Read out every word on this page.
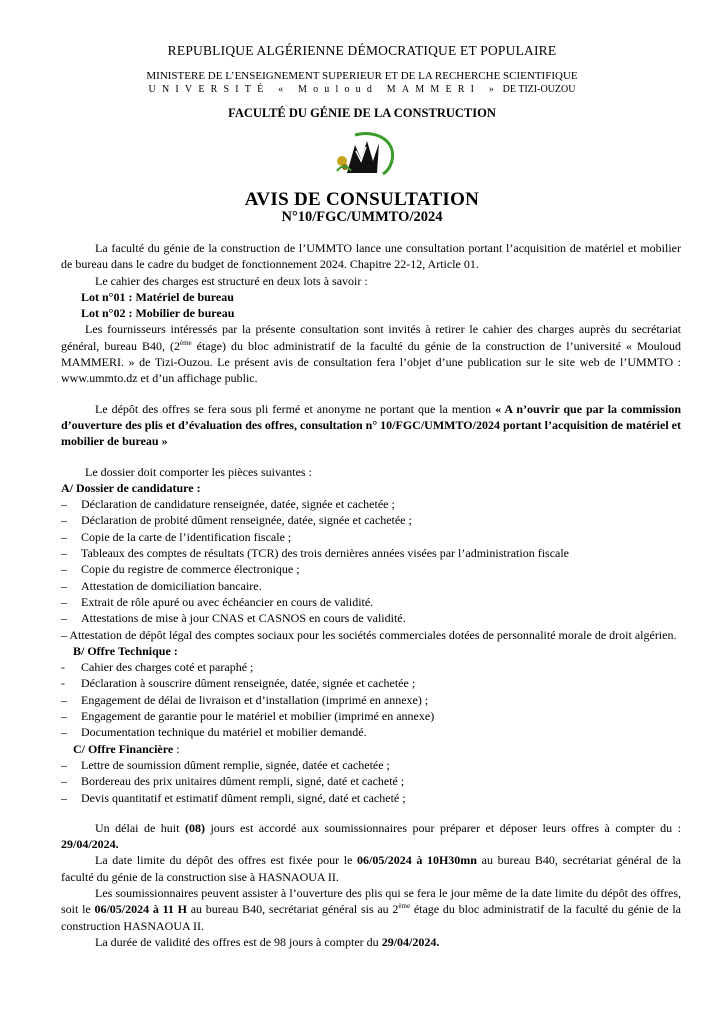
REPUBLIQUE ALGÉRIENNE DÉMOCRATIQUE ET POPULAIRE
MINISTERE DE L’ENSEIGNEMENT SUPERIEUR ET DE LA RECHERCHE SCIENTIFIQUE
UNIVERSITÉ « Mouloud MAMMERI » DE TIZI-OUZOU
FACULTÉ DU GÉNIE DE LA CONSTRUCTION
AVIS DE CONSULTATION
N°10/FGC/UMMTO/2024

La faculté du génie de la construction de l’UMMTO lance une consultation portant l’acquisition de matériel et mobilier de bureau dans le cadre du budget de fonctionnement 2024. Chapitre 22-12, Article 01.

Le cahier des charges est structuré en deux lots à savoir :

Lot n°01 : Matériel de bureau

Lot n°02 : Mobilier de bureau

Les fournisseurs intéressés par la présente consultation sont invités à retirer le cahier des charges auprès du secrétariat général, bureau B40, (2ème étage) du bloc administratif de la faculté du génie de la construction de l’université « Mouloud MAMMERI. » de Tizi-Ouzou. Le présent avis de consultation fera l’objet d’une publication sur le site web de l’UMMTO : www.ummto.dz et d’un affichage public.

Le dépôt des offres se fera sous pli fermé et anonyme ne portant que la mention « A n’ouvrir que par la commission d’ouverture des plis et d’évaluation des offres, consultation n° 10/FGC/UMMTO/2024 portant l’acquisition de matériel et mobilier de bureau »

Le dossier doit comporter les pièces suivantes :

A/ Dossier de candidature :

– Déclaration de candidature renseignée, datée, signée et cachetée ;
– Déclaration de probité dûment renseignée, datée, signée et cachetée ;
– Copie de la carte de l’identification fiscale ;
– Tableaux des comptes de résultats (TCR) des trois dernières années visées par l’administration fiscale
– Copie du registre de commerce électronique ;
– Attestation de domiciliation bancaire.
– Extrait de rôle apuré ou avec échéancier en cours de validité.
– Attestations de mise à jour CNAS et CASNOS en cours de validité.

– Attestation de dépôt légal des comptes sociaux pour les sociétés commerciales dotées de personnalité morale de droit algérien.

B/ Offre Technique :

- Cahier des charges coté et paraphé ;
- Déclaration à souscrire dûment renseignée, datée, signée et cachetée ;
– Engagement de délai de livraison et d’installation (imprimé en annexe) ;
– Engagement de garantie pour le matériel et mobilier (imprimé en annexe)
– Documentation technique du matériel et mobilier demandé.

C/ Offre Financière :

– Lettre de soumission dûment remplie, signée, datée et cachetée ;
– Bordereau des prix unitaires dûment rempli, signé, daté et cacheté ;
– Devis quantitatif et estimatif dûment rempli, signé, daté et cacheté ;

Un délai de huit (08) jours est accordé aux soumissionnaires pour préparer et déposer leurs offres à compter du : 29/04/2024.

La date limite du dépôt des offres est fixée pour le 06/05/2024 à 10H30mn au bureau B40, secrétariat général de la faculté du génie de la construction sise à HASNAOUA II.

Les soumissionnaires peuvent assister à l’ouverture des plis qui se fera le jour même de la date limite du dépôt des offres, soit le 06/05/2024 à 11 H au bureau B40, secrétariat général sis au 2ème étage du bloc administratif de la faculté du génie de la construction HASNAOUA II.

La durée de validité des offres est de 98 jours à compter du 29/04/2024.
